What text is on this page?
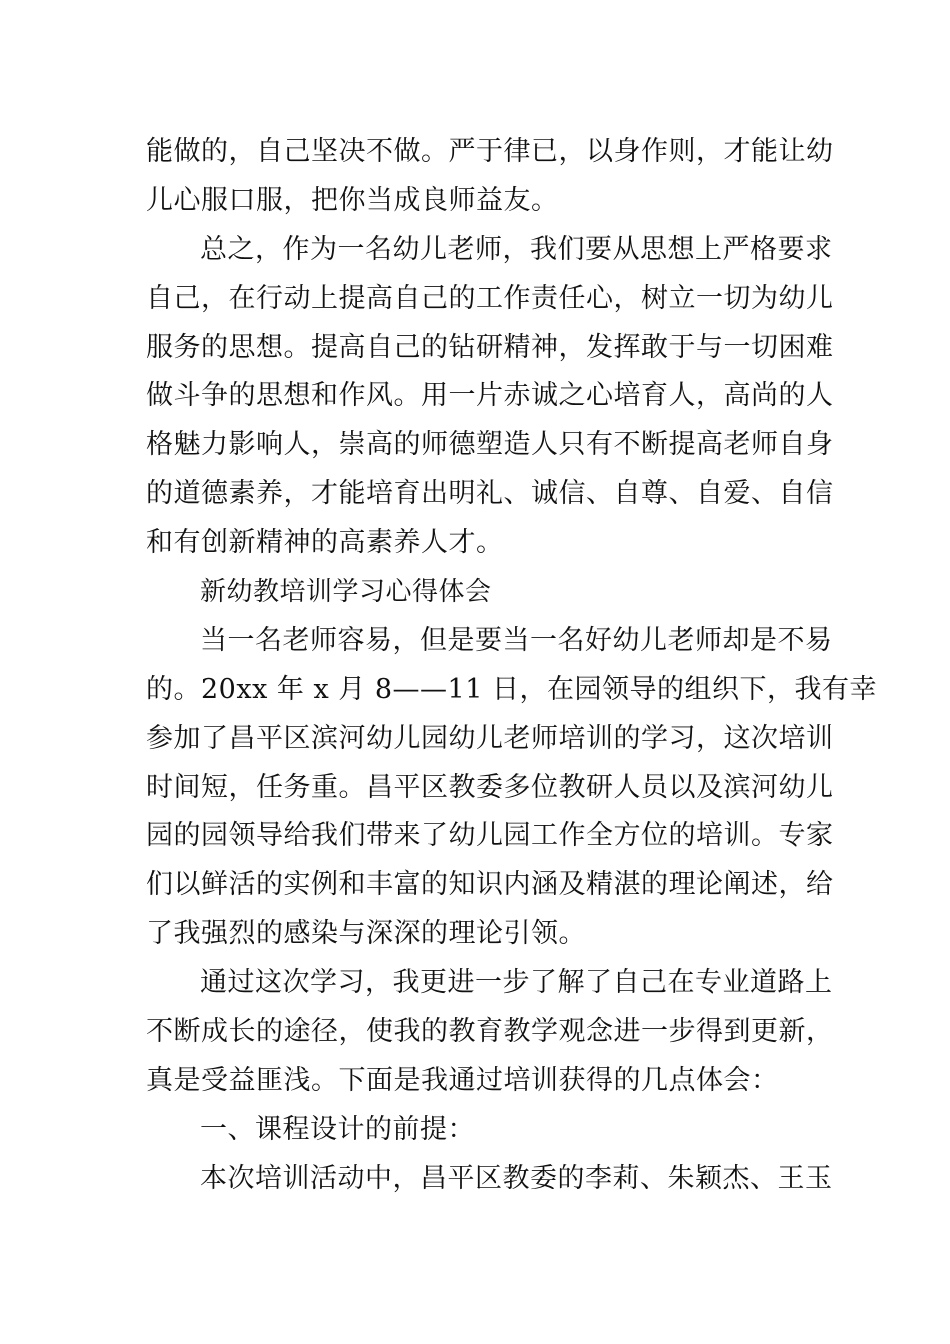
能做的，自己坚决不做。严于律已，以身作则，才能让幼
儿心服口服，把你当成良师益友。
总之，作为一名幼儿老师，我们要从思想上严格要求
自己，在行动上提高自己的工作责任心，树立一切为幼儿
服务的思想。提高自己的钻研精神，发挥敢于与一切困难
做斗争的思想和作风。用一片赤诚之心培育人，高尚的人
格魅力影响人，崇高的师德塑造人只有不断提高老师自身
的道德素养，才能培育出明礼、诚信、自尊、自爱、自信
和有创新精神的高素养人才。
新幼教培训学习心得体会
当一名老师容易，但是要当一名好幼儿老师却是不易
的。20xx 年 x 月 8——11 日，在园领导的组织下，我有幸
参加了昌平区滨河幼儿园幼儿老师培训的学习，这次培训
时间短，任务重。昌平区教委多位教研人员以及滨河幼儿
园的园领导给我们带来了幼儿园工作全方位的培训。专家
们以鲜活的实例和丰富的知识内涵及精湛的理论阐述，给
了我强烈的感染与深深的理论引领。
通过这次学习，我更进一步了解了自己在专业道路上
不断成长的途径，使我的教育教学观念进一步得到更新，
真是受益匪浅。下面是我通过培训获得的几点体会：
一、课程设计的前提：
本次培训活动中，昌平区教委的李莉、朱颖杰、王玉
